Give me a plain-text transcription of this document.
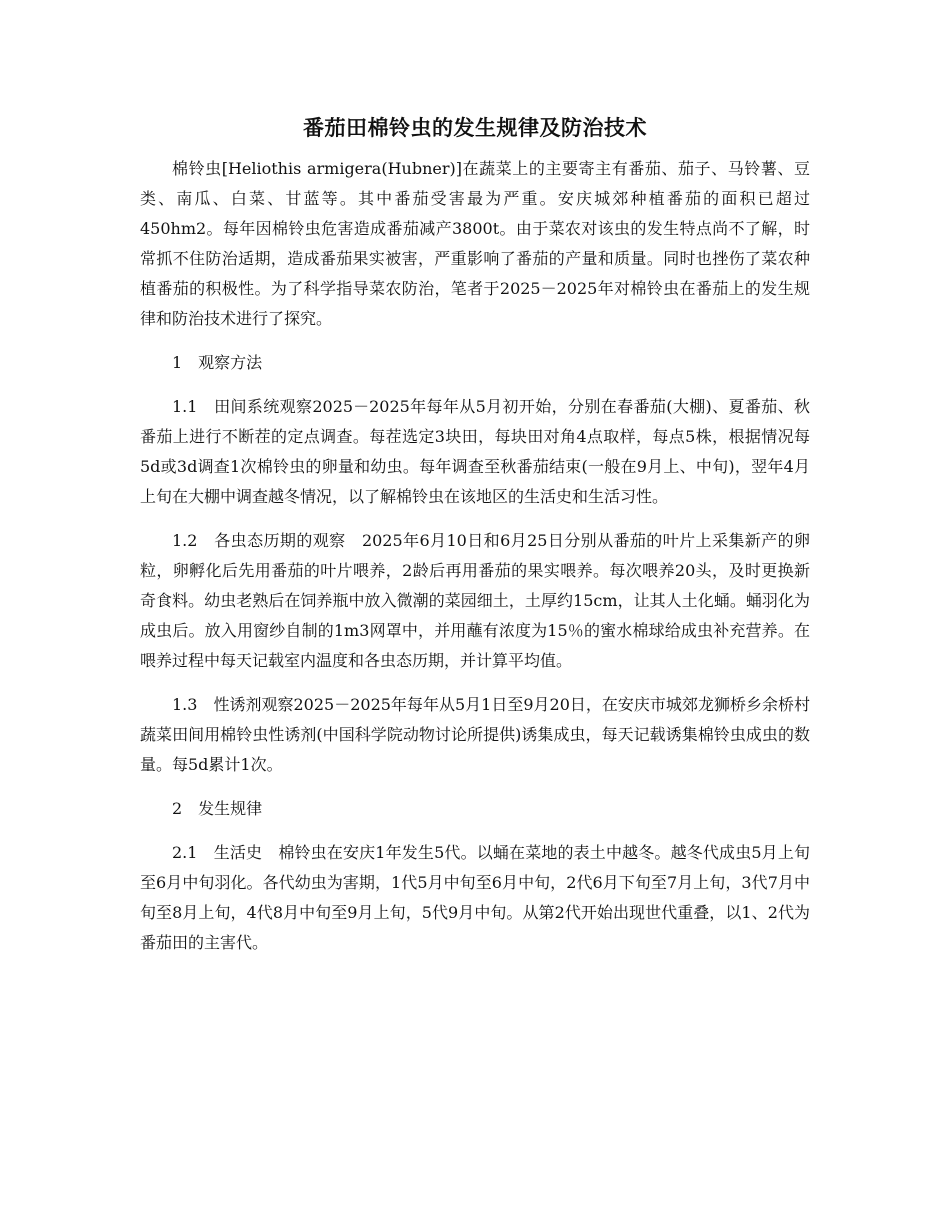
番茄田棉铃虫的发生规律及防治技术

棉铃虫[Heliothis armigera(Hubner)]在蔬菜上的主要寄主有番茄、茄子、马铃薯、豆类、南瓜、白菜、甘蓝等。其中番茄受害最为严重。安庆城郊种植番茄的面积已超过450hm2。每年因棉铃虫危害造成番茄减产3800t。由于菜农对该虫的发生特点尚不了解，时常抓不住防治适期，造成番茄果实被害，严重影响了番茄的产量和质量。同时也挫伤了菜农种植番茄的积极性。为了科学指导菜农防治，笔者于2025－2025年对棉铃虫在番茄上的发生规律和防治技术进行了探究。

1　观察方法

1.1　田间系统观察2025－2025年每年从5月初开始，分别在春番茄(大棚)、夏番茄、秋番茄上进行不断茬的定点调查。每茬选定3块田，每块田对角4点取样，每点5株，根据情况每5d或3d调查1次棉铃虫的卵量和幼虫。每年调查至秋番茄结束(一般在9月上、中旬)，翌年4月上旬在大棚中调查越冬情况，以了解棉铃虫在该地区的生活史和生活习性。

1.2　各虫态历期的观察　2025年6月10日和6月25日分别从番茄的叶片上采集新产的卵粒，卵孵化后先用番茄的叶片喂养，2龄后再用番茄的果实喂养。每次喂养20头，及时更换新奇食料。幼虫老熟后在饲养瓶中放入微潮的菜园细土，土厚约15cm，让其人土化蛹。蛹羽化为成虫后。放入用窗纱自制的1m3网罩中，并用蘸有浓度为15％的蜜水棉球给成虫补充营养。在喂养过程中每天记载室内温度和各虫态历期，并计算平均值。

1.3　性诱剂观察2025－2025年每年从5月1日至9月20日，在安庆市城郊龙狮桥乡余桥村蔬菜田间用棉铃虫性诱剂(中国科学院动物讨论所提供)诱集成虫，每天记载诱集棉铃虫成虫的数量。每5d累计1次。

2　发生规律

2.1　生活史　棉铃虫在安庆1年发生5代。以蛹在菜地的表土中越冬。越冬代成虫5月上旬至6月中旬羽化。各代幼虫为害期，1代5月中旬至6月中旬，2代6月下旬至7月上旬，3代7月中旬至8月上旬，4代8月中旬至9月上旬，5代9月中旬。从第2代开始出现世代重叠，以1、2代为番茄田的主害代。
